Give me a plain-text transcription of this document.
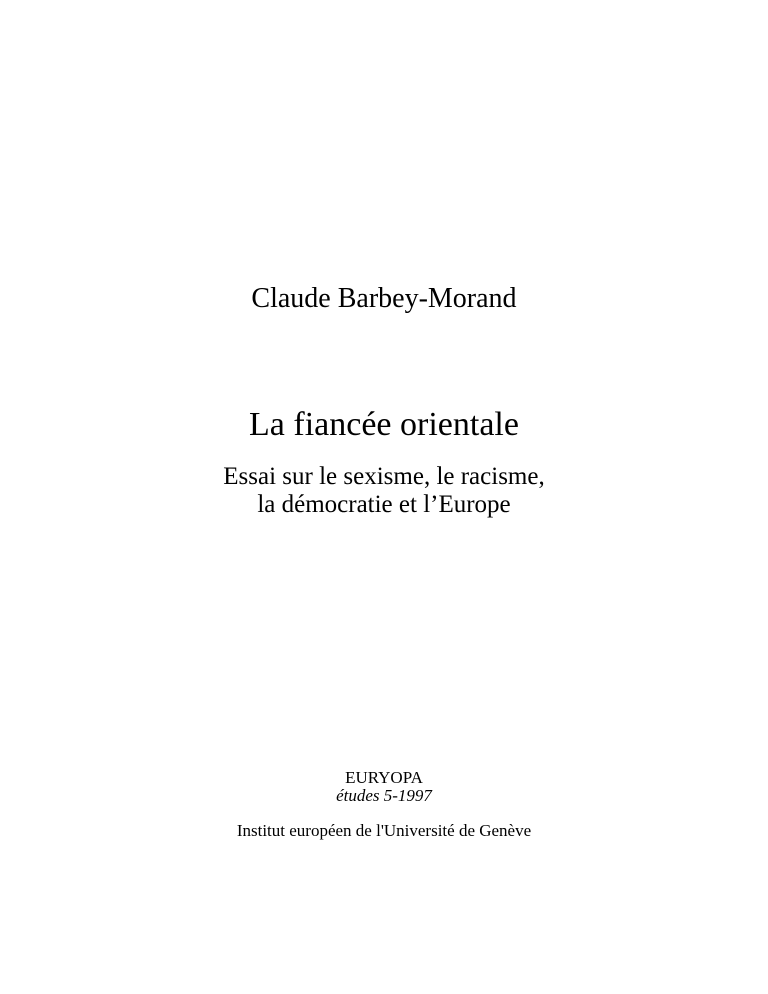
Claude Barbey-Morand
La fiancée orientale
Essai sur le sexisme, le racisme,
la démocratie et l’Europe
EURYOPA
études 5-1997
Institut européen de l'Université de Genève
